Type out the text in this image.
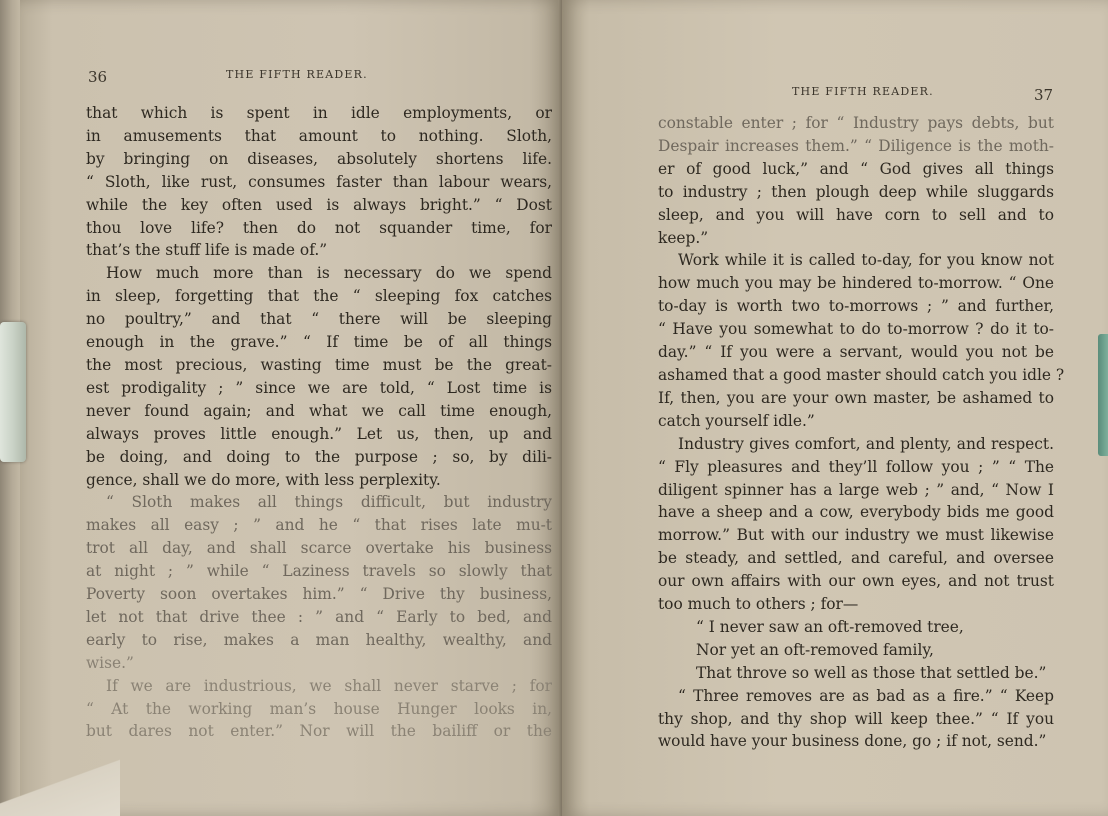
36	THE FIFTH READER.
that which is spent in idle employments, or
in amusements that amount to nothing. Sloth,
by bringing on diseases, absolutely shortens life.
“ Sloth, like rust, consumes faster than labour wears,
while the key often used is always bright.” “ Dost
thou love life? then do not squander time, for
that’s the stuff life is made of.”
How much more than is necessary do we spend
in sleep, forgetting that the “ sleeping fox catches
no poultry,” and that “ there will be sleeping
enough in the grave.” “ If time be of all things
the most precious, wasting time must be the great-
est prodigality ; ” since we are told, “ Lost time is
never found again; and what we call time enough,
always proves little enough.” Let us, then, up and
be doing, and doing to the purpose ; so, by dili-
gence, shall we do more, with less perplexity.
“ Sloth makes all things difficult, but industry
makes all easy ; ” and he “ that rises late mu-t
trot all day, and shall scarce overtake his business
at night ; ” while “ Laziness travels so slowly that
Poverty soon overtakes him.” “ Drive thy business,
let not that drive thee : ” and “ Early to bed, and
early to rise, makes a man healthy, wealthy, and
wise.”
If we are industrious, we shall never starve ; for
“ At the working man’s house Hunger looks in,
but dares not enter.” Nor will the bailiff or the
THE FIFTH READER.	37
constable enter ; for “ Industry pays debts, but
Despair increases them.” “ Diligence is the moth-
er of good luck,” and “ God gives all things
to industry ; then plough deep while sluggards
sleep, and you will have corn to sell and to
keep.”
Work while it is called to-day, for you know not
how much you may be hindered to-morrow. “ One
to-day is worth two to-morrows ; ” and further,
“ Have you somewhat to do to-morrow ? do it to-
day.” “ If you were a servant, would you not be
ashamed that a good master should catch you idle ?
If, then, you are your own master, be ashamed to
catch yourself idle.”
Industry gives comfort, and plenty, and respect.
“ Fly pleasures and they’ll follow you ; ” “ The
diligent spinner has a large web ; ” and, “ Now I
have a sheep and a cow, everybody bids me good
morrow.” But with our industry we must likewise
be steady, and settled, and careful, and oversee
our own affairs with our own eyes, and not trust
too much to others ; for—
“ I never saw an oft-removed tree,
Nor yet an oft-removed family,
That throve so well as those that settled be.”
“ Three removes are as bad as a fire.” “ Keep
thy shop, and thy shop will keep thee.” “ If you
would have your business done, go ; if not, send.”
